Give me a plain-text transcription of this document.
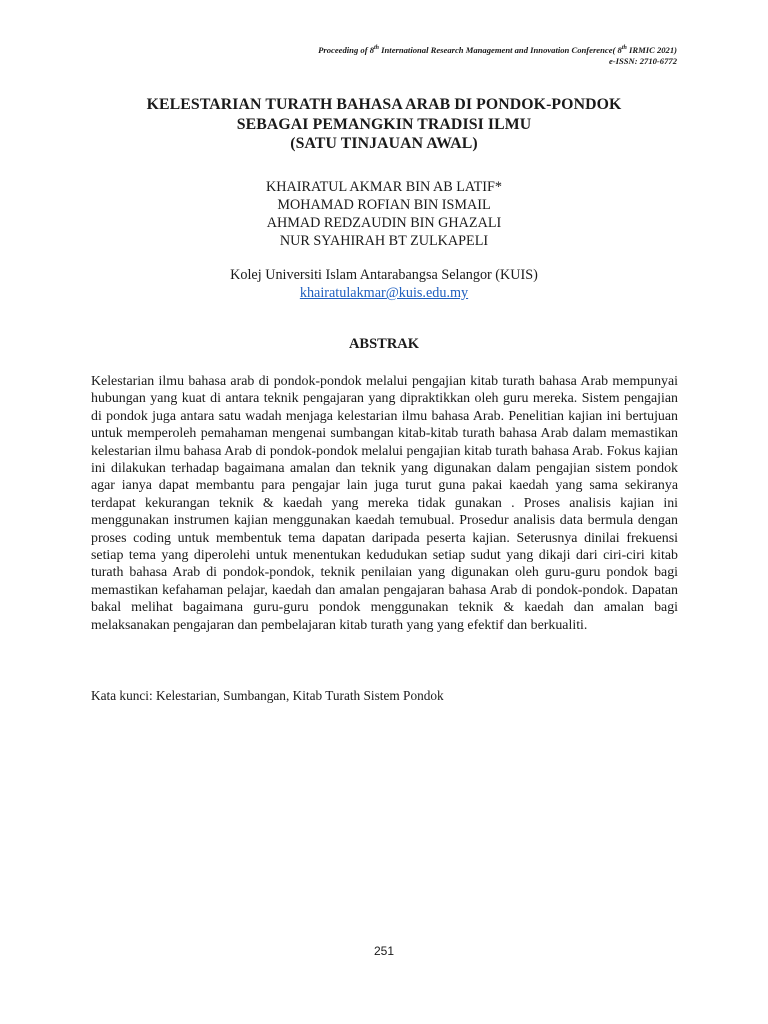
Proceeding of 8th International Research Management and Innovation Conference( 8th IRMIC 2021)
e-ISSN: 2710-6772
KELESTARIAN TURATH BAHASA ARAB DI PONDOK-PONDOK
SEBAGAI PEMANGKIN TRADISI ILMU
(SATU TINJAUAN AWAL)
KHAIRATUL AKMAR BIN AB LATIF*
MOHAMAD ROFIAN BIN ISMAIL
AHMAD REDZAUDIN BIN GHAZALI
NUR SYAHIRAH BT ZULKAPELI
Kolej Universiti Islam Antarabangsa Selangor (KUIS)
khairatulakmar@kuis.edu.my
ABSTRAK
Kelestarian ilmu bahasa arab di pondok-pondok melalui pengajian kitab turath bahasa Arab mempunyai hubungan yang kuat di antara teknik pengajaran yang dipraktikkan oleh guru mereka. Sistem pengajian di pondok juga antara satu wadah menjaga kelestarian ilmu bahasa Arab. Penelitian kajian ini bertujuan untuk memperoleh pemahaman mengenai sumbangan kitab-kitab turath bahasa Arab dalam memastikan kelestarian ilmu bahasa Arab di pondok-pondok melalui pengajian kitab turath bahasa Arab. Fokus kajian ini dilakukan terhadap bagaimana amalan dan teknik yang digunakan dalam pengajian sistem pondok agar ianya dapat membantu para pengajar lain juga turut guna pakai kaedah yang sama sekiranya terdapat kekurangan teknik & kaedah yang mereka tidak gunakan . Proses analisis kajian ini menggunakan instrumen kajian menggunakan kaedah temubual. Prosedur analisis data bermula dengan proses coding untuk membentuk tema dapatan daripada peserta kajian. Seterusnya dinilai frekuensi setiap tema yang diperolehi untuk menentukan kedudukan setiap sudut yang dikaji dari ciri-ciri kitab turath bahasa Arab di pondok-pondok, teknik penilaian yang digunakan oleh guru-guru pondok bagi memastikan kefahaman pelajar, kaedah dan amalan pengajaran bahasa Arab di pondok-pondok. Dapatan bakal melihat bagaimana guru-guru pondok menggunakan teknik & kaedah dan amalan bagi melaksanakan pengajaran dan pembelajaran kitab turath yang yang efektif dan berkualiti.
Kata kunci: Kelestarian, Sumbangan, Kitab Turath Sistem Pondok
251
